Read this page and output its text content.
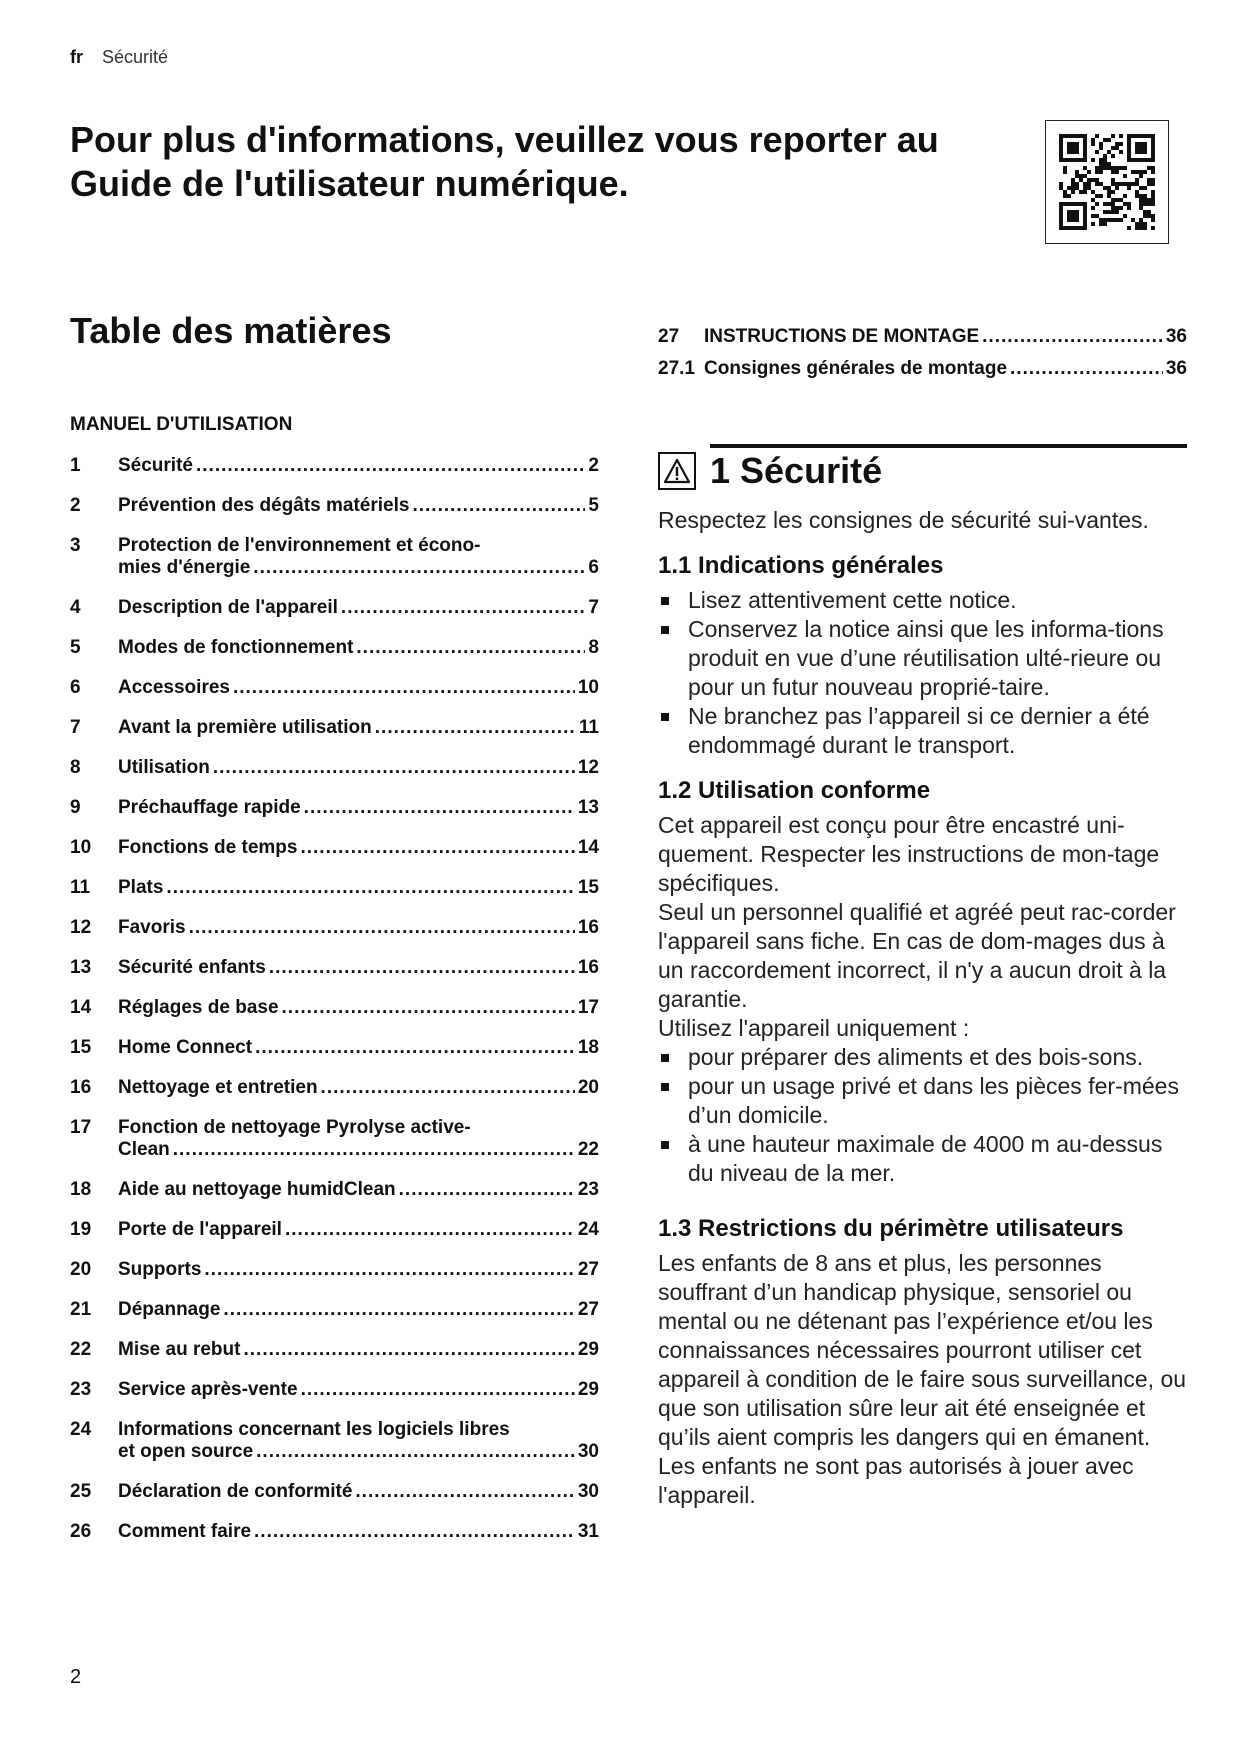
fr Sécurité
Pour plus d'informations, veuillez vous reporter au Guide de l'utilisateur numérique.
Table des matières
MANUEL D'UTILISATION
1	Sécurité .....	2
2	Prévention des dégâts matériels .....	5
3	Protection de l'environnement et écono-
mies d'énergie .....	6
4	Description de l'appareil .....	7
5	Modes de fonctionnement .....	8
6	Accessoires .....	10
7	Avant la première utilisation .....	11
8	Utilisation .....	12
9	Préchauffage rapide .....	13
10	Fonctions de temps .....	14
11	Plats .....	15
12	Favoris .....	16
13	Sécurité enfants .....	16
14	Réglages de base .....	17
15	Home Connect .....	18
16	Nettoyage et entretien .....	20
17	Fonction de nettoyage Pyrolyse active-
Clean .....	22
18	Aide au nettoyage humidClean .....	23
19	Porte de l'appareil .....	24
20	Supports .....	27
21	Dépannage .....	27
22	Mise au rebut .....	29
23	Service après-vente .....	29
24	Informations concernant les logiciels libres
et open source .....	30
25	Déclaration de conformité .....	30
26	Comment faire .....	31
27	INSTRUCTIONS DE MONTAGE .....	36
27.1 Consignes générales de montage .....	36
1 Sécurité

Respectez les consignes de sécurité sui-vantes.

1.1 Indications générales
Lisez attentivement cette notice.
Conservez la notice ainsi que les informa-tions produit en vue d’une réutilisation ulté-rieure ou pour un futur nouveau proprié-taire.
Ne branchez pas l’appareil si ce dernier a été endommagé durant le transport.
1.2 Utilisation conforme

Cet appareil est conçu pour être encastré uni-quement. Respecter les instructions de mon-tage spécifiques.

Seul un personnel qualifié et agréé peut rac-corder l'appareil sans fiche. En cas de dom-mages dus à un raccordement incorrect, il n'y a aucun droit à la garantie.

Utilisez l'appareil uniquement :

pour préparer des aliments et des bois-sons.
pour un usage privé et dans les pièces fer-mées d’un domicile.
à une hauteur maximale de 4000 m au-dessus du niveau de la mer.
1.3 Restrictions du périmètre utilisateurs

Les enfants de 8 ans et plus, les personnes souffrant d’un handicap physique, sensoriel ou mental ou ne détenant pas l’expérience et/ou les connaissances nécessaires pourront utiliser cet appareil à condition de le faire sous surveillance, ou que son utilisation sûre leur ait été enseignée et qu’ils aient compris les dangers qui en émanent.

Les enfants ne sont pas autorisés à jouer avec l'appareil.

2
